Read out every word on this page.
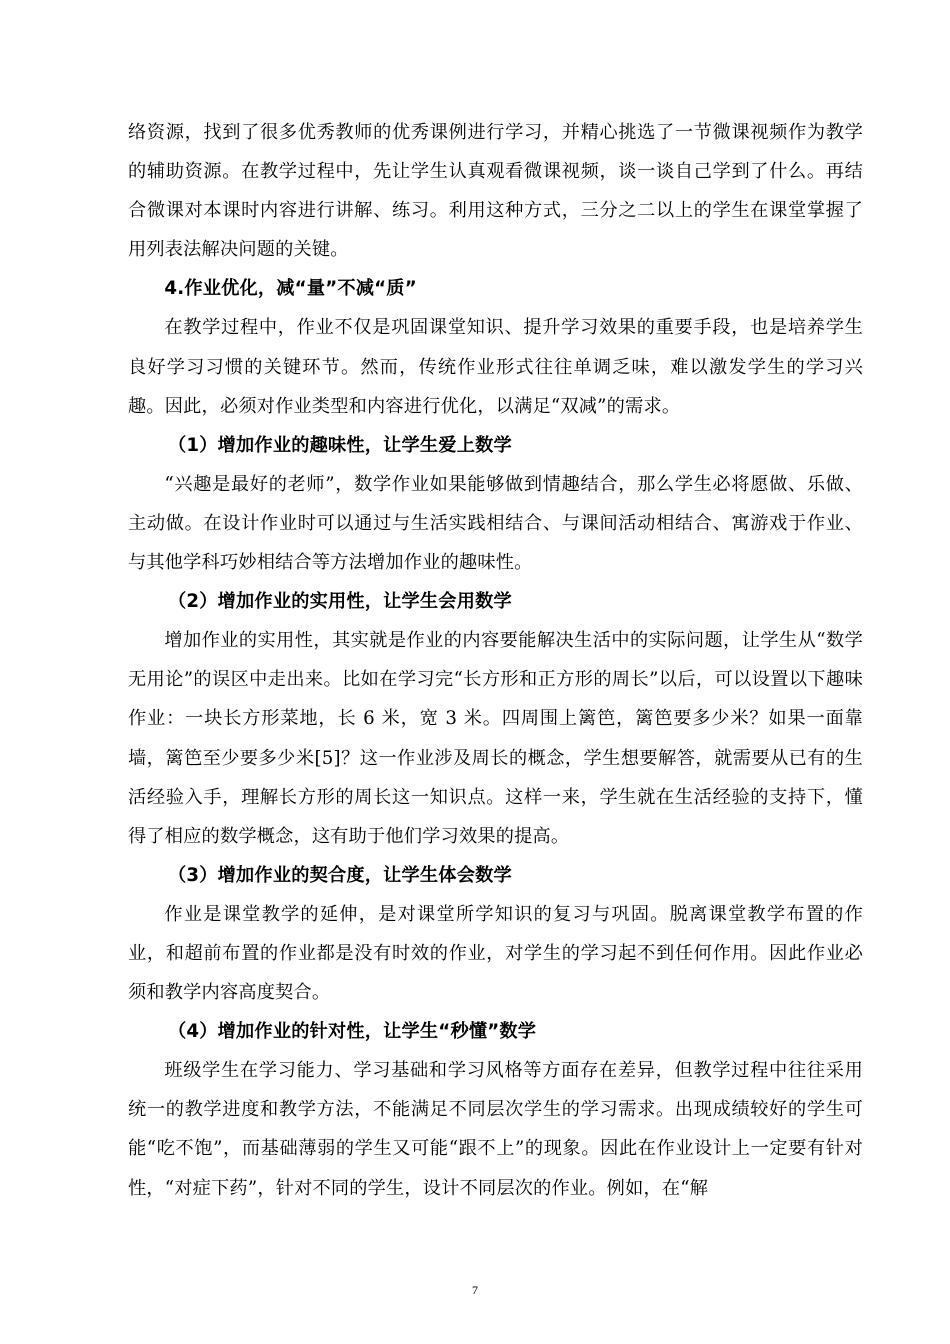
络资源，找到了很多优秀教师的优秀课例进行学习，并精心挑选了一节微课视频作为教学的辅助资源。在教学过程中，先让学生认真观看微课视频，谈一谈自己学到了什么。再结合微课对本课时内容进行讲解、练习。利用这种方式，三分之二以上的学生在课堂掌握了用列表法解决问题的关键。

4.作业优化，减“量”不减“质”

在教学过程中，作业不仅是巩固课堂知识、提升学习效果的重要手段，也是培养学生良好学习习惯的关键环节。然而，传统作业形式往往单调乏味，难以激发学生的学习兴趣。因此，必须对作业类型和内容进行优化，以满足“双减”的需求。

（1）增加作业的趣味性，让学生爱上数学

“兴趣是最好的老师”，数学作业如果能够做到情趣结合，那么学生必将愿做、乐做、主动做。在设计作业时可以通过与生活实践相结合、与课间活动相结合、寓游戏于作业、与其他学科巧妙相结合等方法增加作业的趣味性。

（2）增加作业的实用性，让学生会用数学

增加作业的实用性，其实就是作业的内容要能解决生活中的实际问题，让学生从“数学无用论”的误区中走出来。比如在学习完“长方形和正方形的周长”以后，可以设置以下趣味作业：一块长方形菜地，长 6 米，宽 3 米。四周围上篱笆，篱笆要多少米？如果一面靠墙，篱笆至少要多少米[5]？这一作业涉及周长的概念，学生想要解答，就需要从已有的生活经验入手，理解长方形的周长这一知识点。这样一来，学生就在生活经验的支持下，懂得了相应的数学概念，这有助于他们学习效果的提高。

（3）增加作业的契合度，让学生体会数学

作业是课堂教学的延伸，是对课堂所学知识的复习与巩固。脱离课堂教学布置的作业，和超前布置的作业都是没有时效的作业，对学生的学习起不到任何作用。因此作业必须和教学内容高度契合。

（4）增加作业的针对性，让学生“秒懂”数学

班级学生在学习能力、学习基础和学习风格等方面存在差异，但教学过程中往往采用统一的教学进度和教学方法，不能满足不同层次学生的学习需求。出现成绩较好的学生可能“吃不饱”，而基础薄弱的学生又可能“跟不上”的现象。因此在作业设计上一定要有针对性，“对症下药”，针对不同的学生，设计不同层次的作业。例如，在“解

7
